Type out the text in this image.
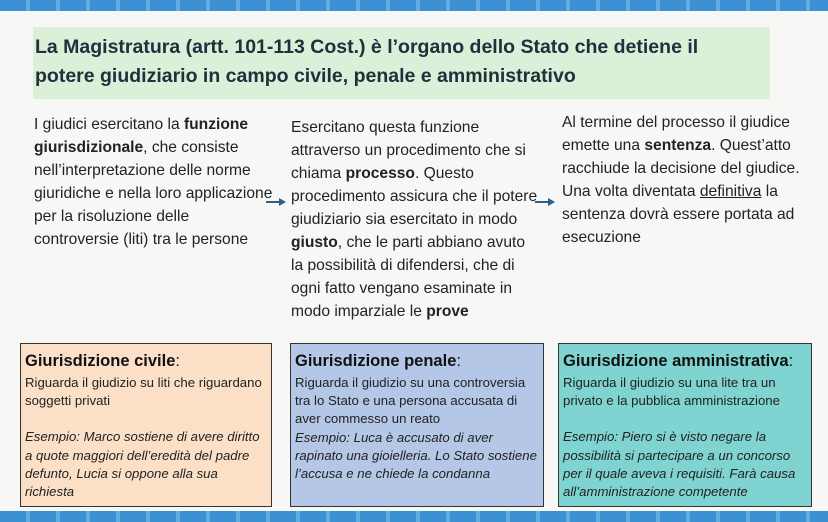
La Magistratura (artt. 101-113 Cost.) è l’organo dello Stato che detiene il
potere giudiziario in campo civile, penale e amministrativo
I giudici esercitano la funzione giurisdizionale, che consiste nell’interpretazione delle norme giuridiche e nella loro applicazione per la risoluzione delle controversie (liti) tra le persone
Esercitano questa funzione attraverso un procedimento che si chiama processo. Questo procedimento assicura che il potere giudiziario sia esercitato in modo giusto, che le parti abbiano avuto la possibilità di difendersi, che di ogni fatto vengano esaminate in modo imparziale le prove
Al termine del processo il giudice emette una sentenza. Quest’atto racchiude la decisione del giudice. Una volta diventata definitiva la sentenza dovrà essere portata ad esecuzione
Giurisdizione civile:
Riguarda il giudizio su liti che riguardano soggetti privati
Esempio: Marco sostiene di avere diritto a quote maggiori dell’eredità del padre defunto, Lucia si oppone alla sua richiesta
Giurisdizione penale:
Riguarda il giudizio su una controversia tra lo Stato e una persona accusata di aver commesso un reato
Esempio: Luca è accusato di aver rapinato una gioielleria. Lo Stato sostiene l’accusa e ne chiede la condanna
Giurisdizione amministrativa:
Riguarda il giudizio su una lite tra un privato e la pubblica amministrazione
Esempio: Piero si è visto negare la possibilità si partecipare a un concorso per il quale aveva i requisiti. Farà causa all’amministrazione competente
